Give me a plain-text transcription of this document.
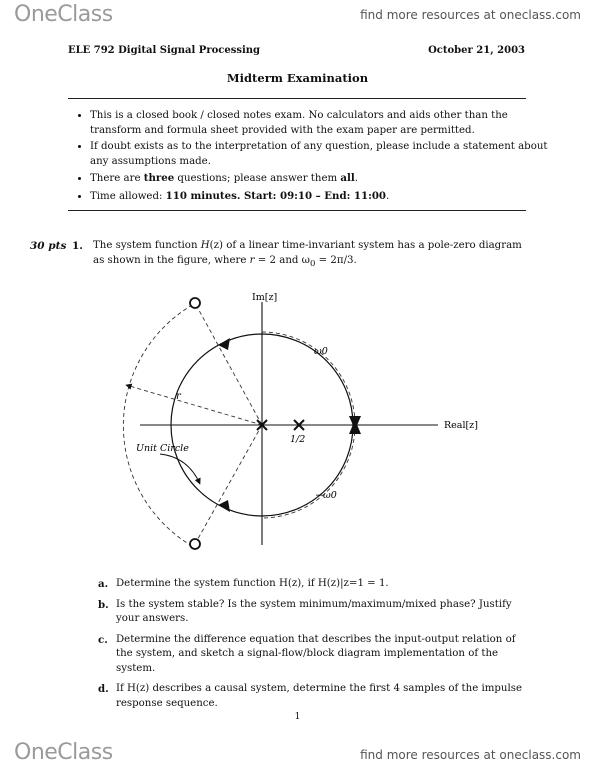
OneClass	find more resources at oneclass.com
ELE 792 Digital Signal Processing	October 21, 2003
Midterm Examination
• This is a closed book / closed notes exam. No calculators and aids other than the transform and formula sheet provided with the exam paper are permitted.
• If doubt exists as to the interpretation of any question, please include a statement about any assumptions made.
• There are three questions; please answer them all.
• Time allowed: 110 minutes. Start: 09:10 – End: 11:00.
30 pts 1. The system function H(z) of a linear time-invariant system has a pole-zero diagram as shown in the figure, where r = 2 and $\omega_0 = 2\pi/3$.
Im[z]
Real[z]
r
ω0
−ω0
1/2
Unit Circle
a. Determine the system function H(z), if H(z)|z=1 = 1.
b. Is the system stable? Is the system minimum/maximum/mixed phase? Justify your answers.
c. Determine the difference equation that describes the input-output relation of the system, and sketch a signal-flow/block diagram implementation of the system.
d. If H(z) describes a causal system, determine the first 4 samples of the impulse response sequence.
1
OneClass	find more resources at oneclass.com
